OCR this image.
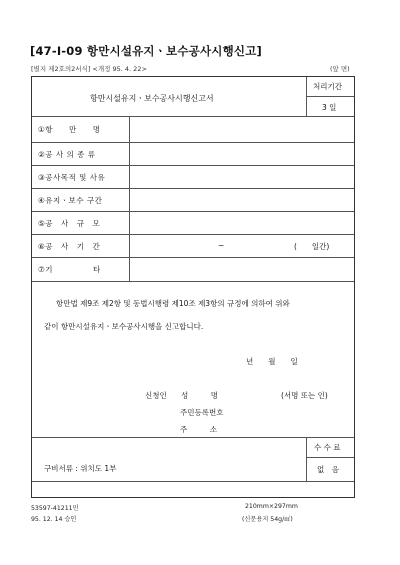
[47-I-09 항만시설유지ㆍ보수공사시행신고]
[별지 제2호의2서식] <개정 95. 4. 22>	(앞 면)
항만시설유지ㆍ보수공사시행신고서
처리기간
3 일
①항　　만　　명
②공 사 의 종 류
③공사목적 및 사유
④유지ㆍ보수 구간
⑤공　사　규　모
⑥공　사　기　간	~	(　　일간)
⑦기　　　　　타
항만법 제9조 제2항 및 동법시행령 제10조 제3항의 규정에 의하여 위와
같이 항만시설유지ㆍ보수공사시행을 신고합니다.
년　　월　　일
신청인 성　　　명	(서명 또는 인)
주민등록번호
주　　　소
구비서류 : 위치도 1부
수 수 료
없　음
53597-41211민
95. 12. 14 승인
210mm×297mm
(신문용지 54g/㎡)
